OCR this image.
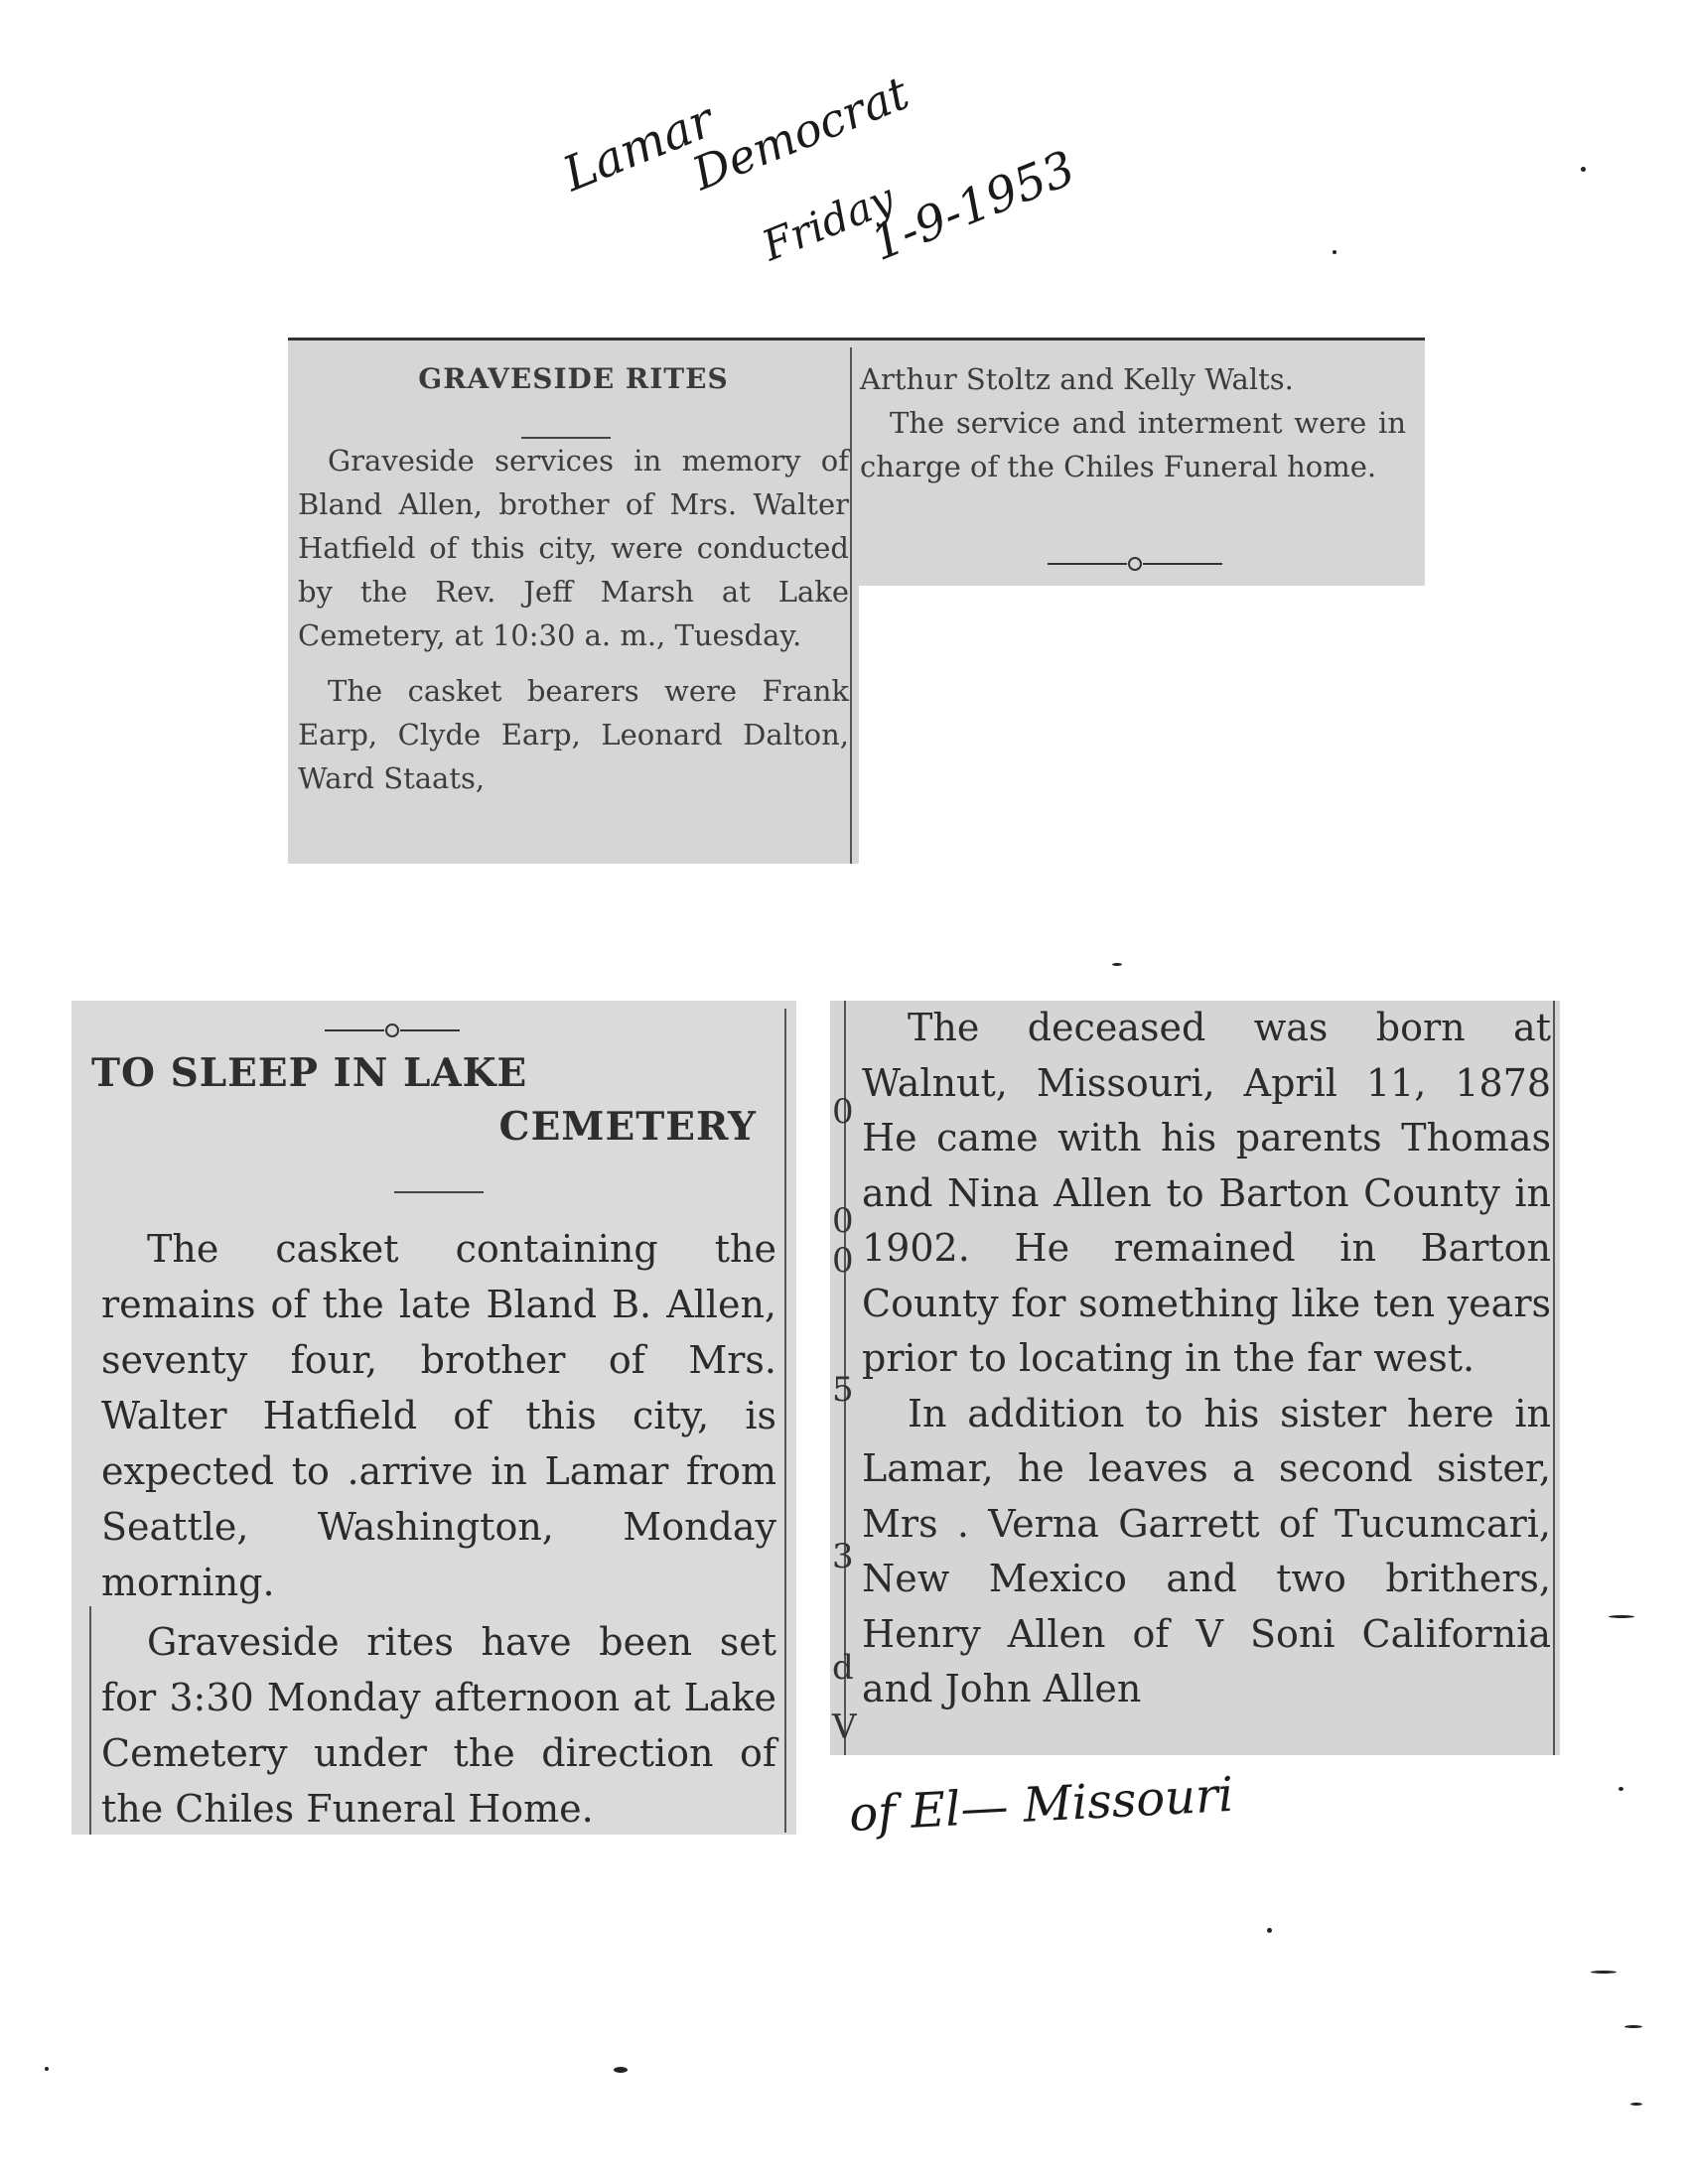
Lamar
Democrat
Friday
1-9-1953
GRAVESIDE RITES

Graveside services in memory of Bland Allen, brother of Mrs. Walter Hatfield of this city, were conducted by the Rev. Jeff Marsh at Lake Cemetery, at 10:30 a. m., Tuesday.

The casket bearers were Frank Earp, Clyde Earp, Leonard Dalton, Ward Staats,

Arthur Stoltz and Kelly Walts.

The service and interment were in charge of the Chiles Funeral home.

TO SLEEP IN LAKE
CEMETERY

The casket containing the remains of the late Bland B. Allen, seventy four, brother of Mrs. Walter Hatfield of this city, is expected to .arrive in Lamar from Seattle, Washington, Monday morning.

Graveside rites have been set for 3:30 Monday afternoon at Lake Cemetery under the direction of the Chiles Funeral Home.

The deceased was born at Walnut, Missouri, April 11, 1878 He came with his parents Thomas and Nina Allen to Barton County in 1902. He remained in Barton County for something like ten years prior to locating in the far west.

In addition to his sister here in Lamar, he leaves a second sister, Mrs . Verna Garrett of Tucumcari, New Mexico and two brithers, Henry Allen of V Soni California and John Allen

0
0
0
5
3
d
V
of El— Missouri
